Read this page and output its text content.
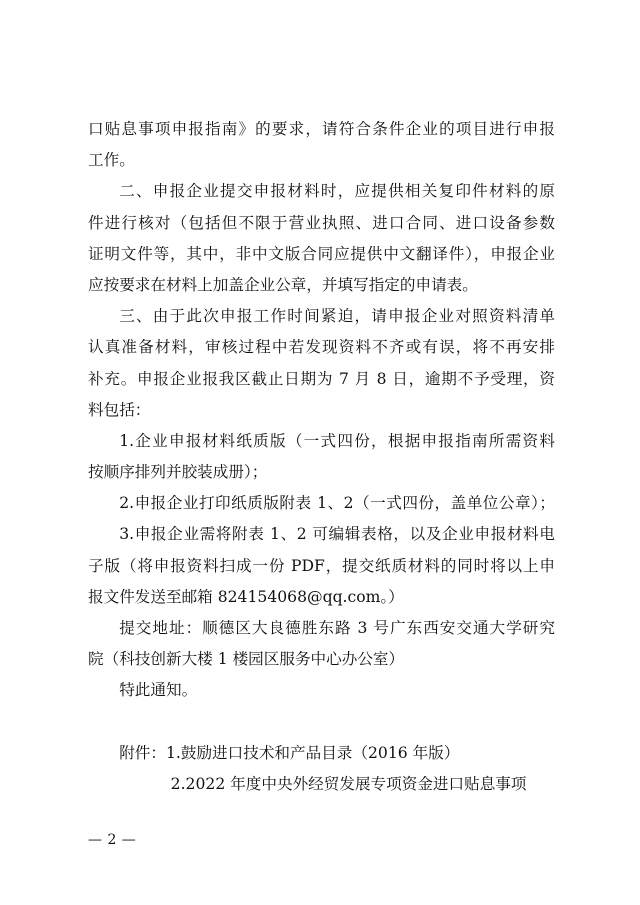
口贴息事项申报指南》的要求，请符合条件企业的项目进行申报
工作。
二、申报企业提交申报材料时，应提供相关复印件材料的原
件进行核对（包括但不限于营业执照、进口合同、进口设备参数
证明文件等，其中，非中文版合同应提供中文翻译件），申报企业
应按要求在材料上加盖企业公章，并填写指定的申请表。
三、由于此次申报工作时间紧迫，请申报企业对照资料清单
认真准备材料，审核过程中若发现资料不齐或有误，将不再安排
补充。申报企业报我区截止日期为 7 月 8 日，逾期不予受理，资
料包括：
1.企业申报材料纸质版（一式四份，根据申报指南所需资料
按顺序排列并胶装成册）；
2.申报企业打印纸质版附表 1、2（一式四份，盖单位公章）；
3.申报企业需将附表 1、2 可编辑表格，以及企业申报材料电
子版（将申报资料扫成一份 PDF，提交纸质材料的同时将以上申
报文件发送至邮箱 824154068@qq.com。）
提交地址：顺德区大良德胜东路 3 号广东西安交通大学研究
院（科技创新大楼 1 楼园区服务中心办公室）
特此通知。
附件：1.鼓励进口技术和产品目录（2016 年版）
2.2022 年度中央外经贸发展专项资金进口贴息事项
— 2 —
